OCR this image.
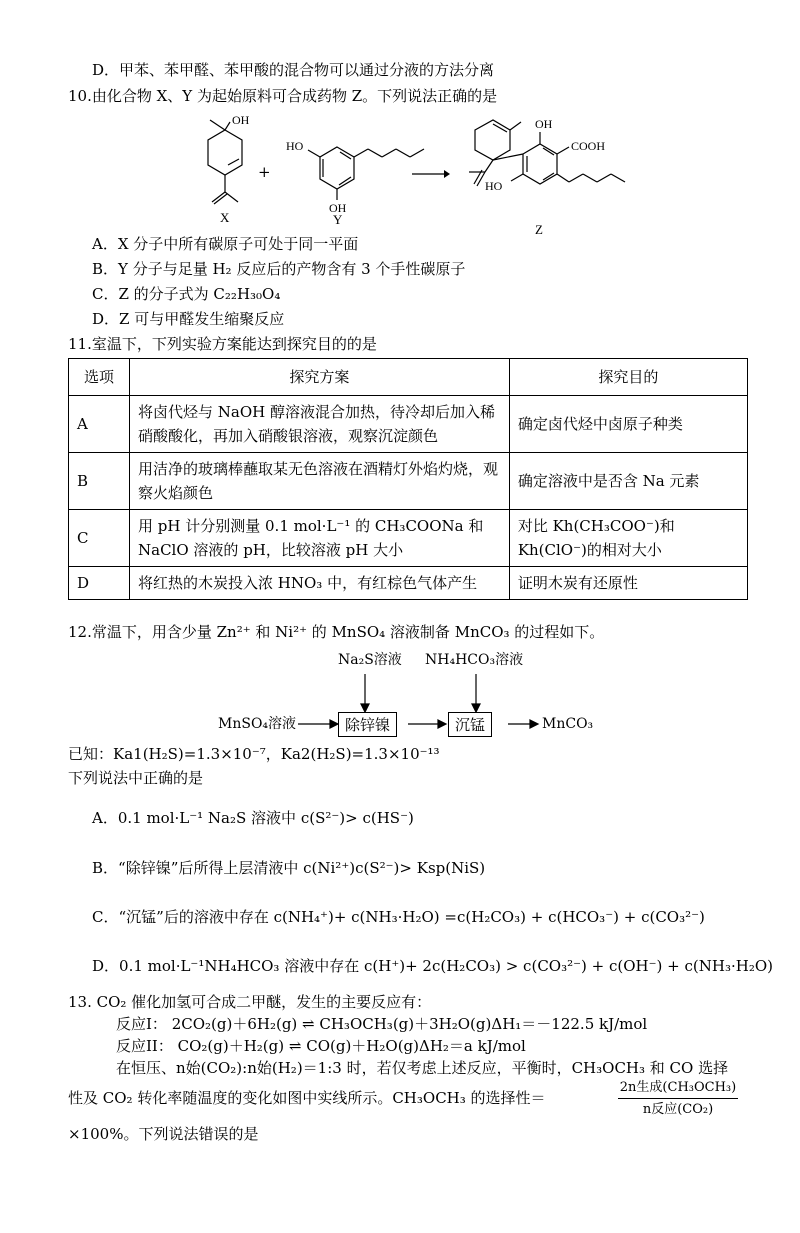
D．甲苯、苯甲醛、苯甲酸的混合物可以通过分液的方法分离
10.由化合物 X、Y 为起始原料可合成药物 Z。下列说法正确的是
OH
X
+
HO
OH
Y
OH
COOH
HO
Z
A．X 分子中所有碳原子可处于同一平面
B．Y 分子与足量 H₂ 反应后的产物含有 3 个手性碳原子
C．Z 的分子式为 C₂₂H₃₀O₄
D．Z 可与甲醛发生缩聚反应
11.室温下，下列实验方案能达到探究目的的是
选项	探究方案	探究目的
A	将卤代烃与 NaOH 醇溶液混合加热，待冷却后加入稀硝酸酸化，再加入硝酸银溶液，观察沉淀颜色	确定卤代烃中卤原子种类
B	用洁净的玻璃棒蘸取某无色溶液在酒精灯外焰灼烧，观察火焰颜色	确定溶液中是否含 Na 元素
C	用 pH 计分别测量 0.1 mol·L⁻¹ 的 CH₃COONa 和 NaClO 溶液的 pH，比较溶液 pH 大小	对比 Kh(CH₃COO⁻)和 Kh(ClO⁻)的相对大小
D	将红热的木炭投入浓 HNO₃ 中，有红棕色气体产生	证明木炭有还原性
12.常温下，用含少量 Zn²⁺ 和 Ni²⁺ 的 MnSO₄ 溶液制备 MnCO₃ 的过程如下。
Na₂S溶液 NH₄HCO₃溶液
MnSO₄溶液	除锌镍	沉锰	MnCO₃
已知：Ka1(H₂S)=1.3×10⁻⁷，Ka2(H₂S)=1.3×10⁻¹³
下列说法中正确的是
A．0.1 mol·L⁻¹ Na₂S 溶液中 c(S²⁻)> c(HS⁻)
B．“除锌镍”后所得上层清液中 c(Ni²⁺)c(S²⁻)> Ksp(NiS)
C．“沉锰”后的溶液中存在 c(NH₄⁺)+ c(NH₃·H₂O) =c(H₂CO₃) + c(HCO₃⁻) + c(CO₃²⁻)
D．0.1 mol·L⁻¹NH₄HCO₃ 溶液中存在 c(H⁺)+ 2c(H₂CO₃) > c(CO₃²⁻) + c(OH⁻) + c(NH₃·H₂O)
13. CO₂ 催化加氢可合成二甲醚，发生的主要反应有：
反应I： 2CO₂(g)＋6H₂(g) ⇌ CH₃OCH₃(g)＋3H₂O(g)ΔH₁＝－122.5 kJ/mol
反应II： CO₂(g)＋H₂(g) ⇌ CO(g)＋H₂O(g)ΔH₂＝a kJ/mol
在恒压、n始(CO₂):n始(H₂)＝1:3 时，若仅考虑上述反应，平衡时，CH₃OCH₃ 和 CO 选择
性及 CO₂ 转化率随温度的变化如图中实线所示。CH₃OCH₃ 的选择性＝
2n生成(CH₃OCH₃)
n反应(CO₂)
×100%。下列说法错误的是
